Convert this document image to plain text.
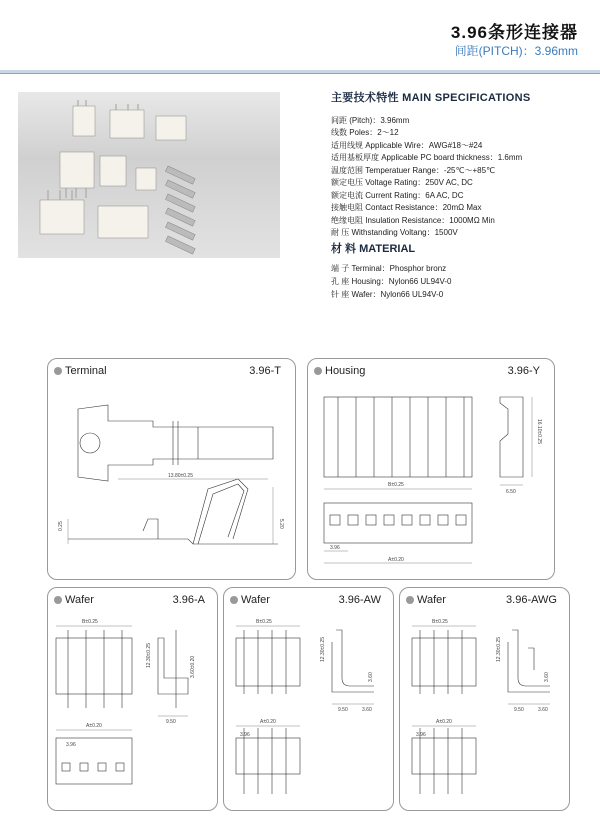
3.96条形连接器
间距(PITCH)：3.96mm
主要技术特性 MAIN SPECIFICATIONS
间距 (Pitch)：3.96mm
线数 Poles：2～12
适用线规 Applicable Wire：AWG#18～#24
适用基板厚度 Applicable PC board thickness：1.6mm
温度范围 Temperatuer Range：-25℃～+85℃
额定电压 Voltage Rating：250V AC, DC
额定电流 Current Rating：6A AC, DC
接触电阻 Contact Resistance：20mΩ Max
绝缘电阻 Insulation Resistance：1000MΩ Min
耐 压 Withstanding Voltang：1500V
材 料 MATERIAL
端 子 Terminal：Phosphor bronz
孔 座 Housing：Nylon66 UL94V-0
针 座 Wafer：Nylon66 UL94V-0
Terminal	3.96-T
13.80±0.25
0.25	5.20
Housing	3.96-Y
B±0.25
16.10±0.25
6.50
3.96
A±0.20
Wafer	3.96-A
B±0.25
12.30±0.25	3.60±0.20
9.50
A±0.20
3.96
Wafer	3.96-AW
B±0.25
12.30±0.25
3.60
9.50	3.60
A±0.20
3.96
Wafer	3.96-AWG
B±0.25
12.30±0.25
3.60
9.50	3.60
A±0.20
3.96
